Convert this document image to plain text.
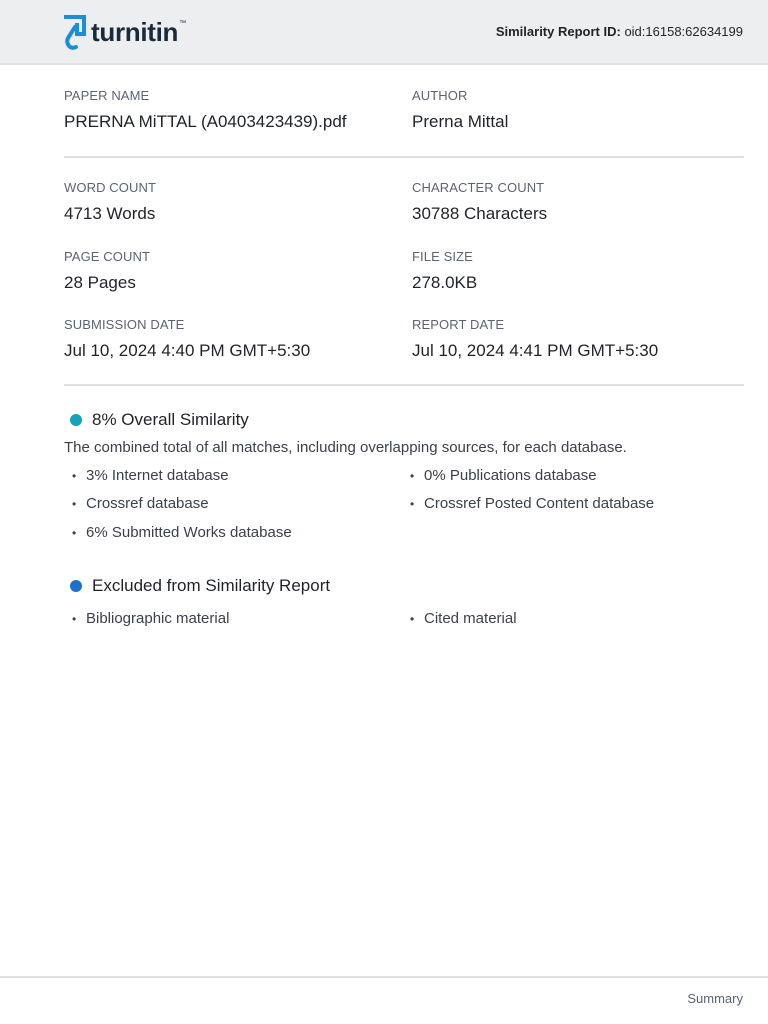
turnitin ™
Similarity Report ID: oid:16158:62634199
PAPER NAME
PRERNA MiTTAL (A0403423439).pdf
AUTHOR
Prerna Mittal
WORD COUNT
4713 Words
CHARACTER COUNT
30788 Characters
PAGE COUNT
28 Pages
FILE SIZE
278.0KB
SUBMISSION DATE
Jul 10, 2024 4:40 PM GMT+5:30
REPORT DATE
Jul 10, 2024 4:41 PM GMT+5:30
8% Overall Similarity
The combined total of all matches, including overlapping sources, for each database.
• 3% Internet database	• 0% Publications database
• Crossref database	• Crossref Posted Content database
• 6% Submitted Works database
Excluded from Similarity Report
• Bibliographic material	• Cited material
Summary
